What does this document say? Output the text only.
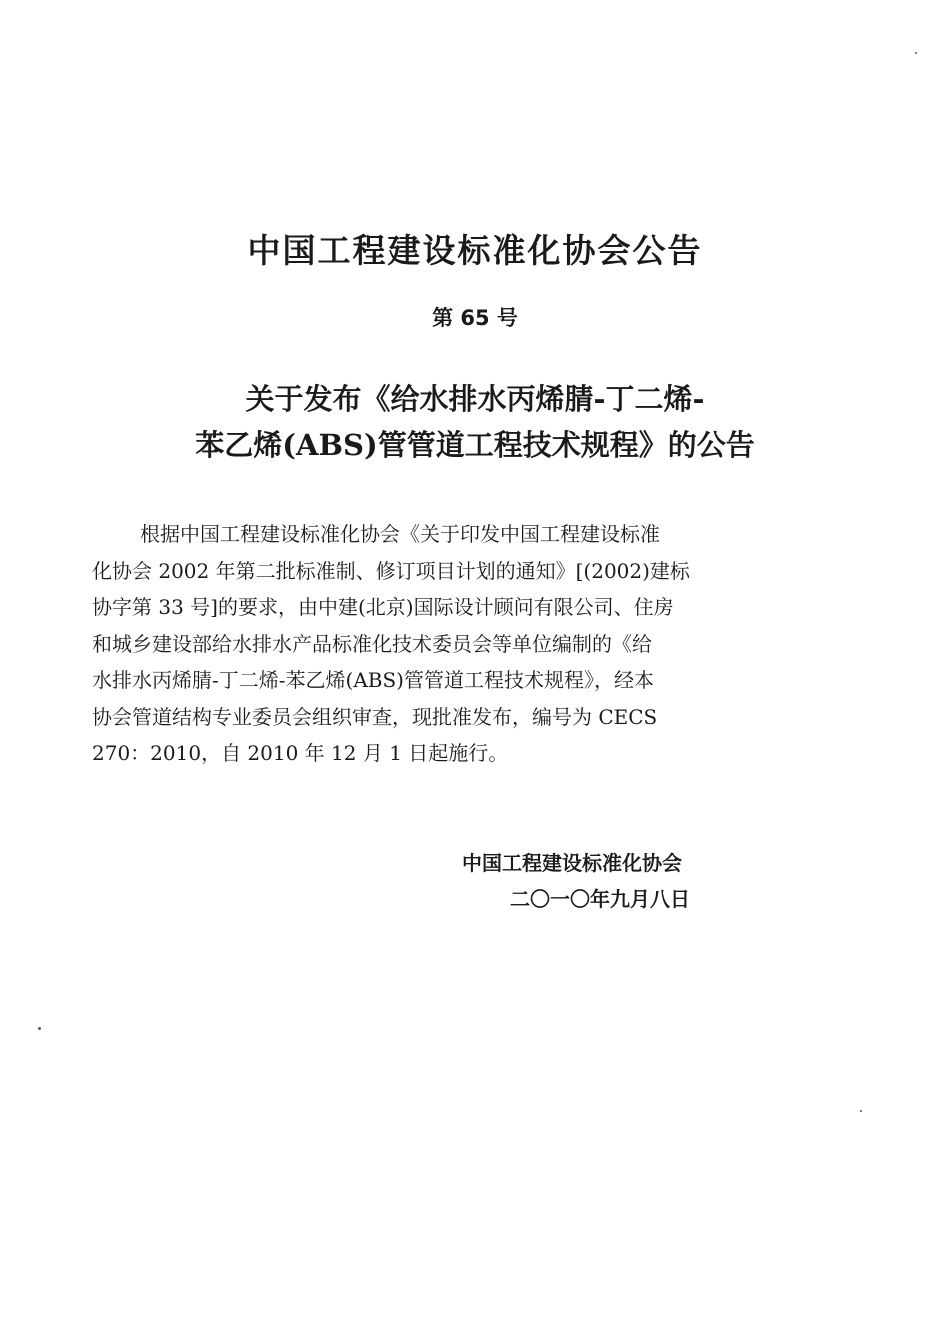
中国工程建设标准化协会公告
第 65 号
关于发布《给水排水丙烯腈-丁二烯-
苯乙烯(ABS)管管道工程技术规程》的公告

根据中国工程建设标准化协会《关于印发中国工程建设标准
化协会 2002 年第二批标准制、修订项目计划的通知》[(2002)建标
协字第 33 号]的要求，由中建(北京)国际设计顾问有限公司、住房
和城乡建设部给水排水产品标准化技术委员会等单位编制的《给
水排水丙烯腈-丁二烯-苯乙烯(ABS)管管道工程技术规程》，经本
协会管道结构专业委员会组织审查，现批准发布，编号为 CECS
270：2010，自 2010 年 12 月 1 日起施行。

中国工程建设标准化协会
二〇一〇年九月八日
